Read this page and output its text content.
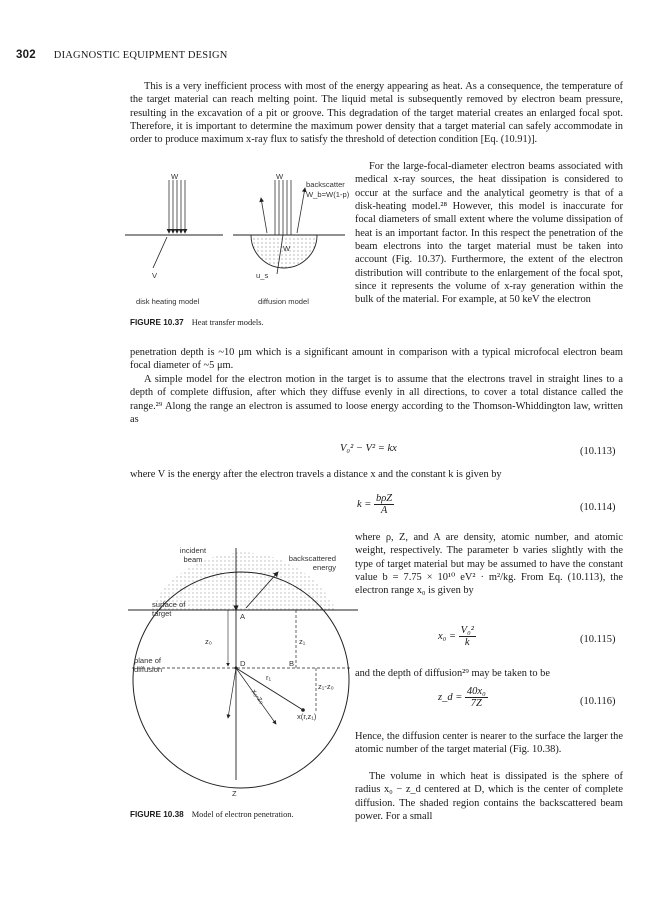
302 DIAGNOSTIC EQUIPMENT DESIGN

This is a very inefficient process with most of the energy appearing as heat. As a consequence, the temperature of the target material can reach melting point. The liquid metal is subsequently removed by electron beam pressure, resulting in the excavation of a pit or groove. This degradation of the target material creates an enlarged focal spot. Therefore, it is important to determine the maximum power density that a target material can safely accommodate in order to produce maximum x-ray flux to satisfy the threshold of detection condition [Eq. (10.91)].

For the large-focal-diameter electron beams associated with medical x-ray sources, the heat dissipation is considered to occur at the surface and the analytical geometry is that of a disk-heating model.²⁸ However, this model is inaccurate for focal diameters of small extent where the volume dissipation of heat is an important factor. In this respect the penetration of the beam electrons into the target material must be taken into account (Fig. 10.37). Furthermore, the extent of the electron distribution will contribute to the enlargement of the focal spot, since it represents the volume of x-ray generation within the bulk of the material. For example, at 50 keV the electron

penetration depth is ~10 μm which is a significant amount in comparison with a typical microfocal electron beam focal diameter of ~5 μm.

A simple model for the electron motion in the target is to assume that the electrons travel in straight lines to a depth of complete diffusion, after which they diffuse evenly in all directions, to cover a total distance called the range.²⁹ Along the range an electron is assumed to loose energy according to the Thomson-Whiddington law, written as

V₀² − V² = kx	(10.113)

where V is the energy after the electron travels a distance x and the constant k is given by

$k = \frac{\text{bρZ}}{A}$	(10.114)

where ρ, Z, and A are density, atomic number, and atomic weight, respectively. The parameter b varies slightly with the type of target material but may be assumed to have the constant value b = 7.75 × 10¹⁰ eV² · m²/kg. From Eq. (10.113), the electron range x₀ is given by

$x_0 = \frac{\text{V₀²}}{k}$	(10.115)

and the depth of diffusion²⁹ may be taken to be

z_d = $\frac{\text{40x₀}}{7Z}$	(10.116)

Hence, the diffusion center is nearer to the surface the larger the atomic number of the target material (Fig. 10.38).

The volume in which heat is dissipated is the sphere of radius x₀ − z_d centered at D, which is the center of complete diffusion. The shaded region contains the backscattered beam power. For a small

W	W
backscatter
W_b=W(1-p)
W
V	u_s
disk heating model	diffusion model
FIGURE 10.37 Heat transfer models.
incident beam	backscattered energy
surface of target	A
z₀	z₁
plane of diffusion
D	B
r₁
z₁-z₀
x₀-z₀
x(r,z₁)
Z
FIGURE 10.38 Model of electron penetration.
